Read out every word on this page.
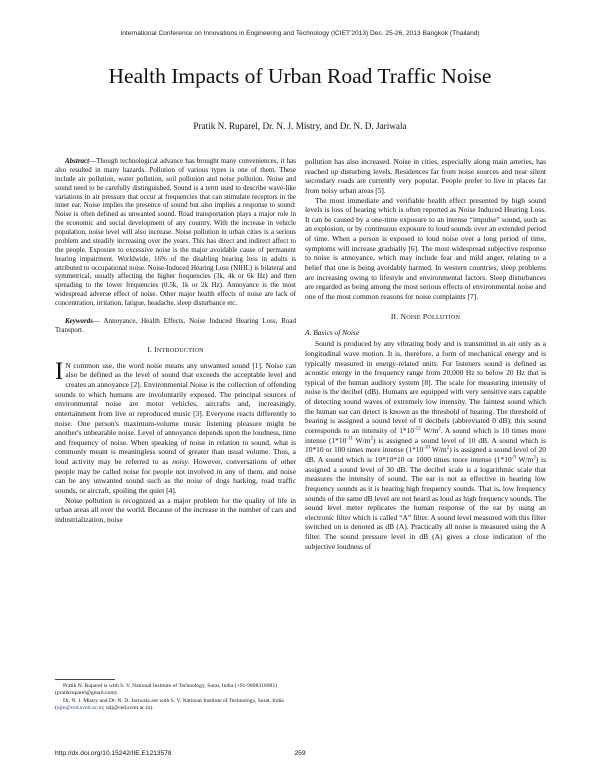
International Conference on Innovations in Engineering and Technology (ICIET'2013) Dec. 25-26, 2013 Bangkok (Thailand)
Health Impacts of Urban Road Traffic Noise
Pratik N. Ruparel, Dr. N. J. Mistry, and Dr. N. D. Jariwala

Abstract—Though technological advance has brought many conveniences, it has also resulted in many hazards. Pollution of various types is one of them. These include air pollution, water pollution, soil pollution and noise pollution. Noise and sound need to be carefully distinguished. Sound is a term used to describe wave-like variations in air pressure that occur at frequencies that can stimulate receptors in the inner ear. Noise implies the presence of sound but also implies a response to sound: Noise is often defined as unwanted sound. Road transportation plays a major role in the economic and social development of any country. With the increase in vehicle population, noise level will also increase. Noise pollution in urban cities is a serious problem and steadily increasing over the years. This has direct and indirect affect to the people. Exposure to excessive noise is the major avoidable cause of permanent hearing impairment. Worldwide, 16% of the disabling hearing loss in adults is attributed to occupational noise. Noise-Induced Hearing Loss (NIHL) is bilateral and symmetrical, usually affecting the higher frequencies (3k, 4k or 6k Hz) and then spreading to the lower frequencies (0.5k, 1k or 2k Hz). Annoyance is the most widespread adverse effect of noise. Other major health effects of noise are lack of concentration, irritation, fatigue, headache, sleep disturbance etc.

Keywords— Annoyance, Health Effects, Noise Induced Hearing Loss, Road Transport.

I. INTRODUCTION

I N common use, the word noise means any unwanted sound [1]. Noise can also be defined as the level of sound that exceeds the acceptable level and creates an annoyance [2]. Environmental Noise is the collection of offending sounds to which humans are involuntarily exposed. The principal sources of environmental noise are motor vehicles, aircrafts and, increasingly, entertainment from live or reproduced music [3]. Everyone reacts differently to noise. One person's maximum-volume music listening pleasure might be another's unbearable noise. Level of annoyance depends upon the loudness, time and frequency of noise. When speaking of noise in relation to sound, what is commonly meant is meaningless sound of greater than usual volume. Thus, a loud activity may be referred to as noisy. However, conversations of other people may be called noise for people not involved in any of them, and noise can be any unwanted sound such as the noise of dogs barking, road traffic sounds, or aircraft, spoiling the quiet [4].

Noise pollution is recognized as a major problem for the quality of life in urban areas all over the world. Because of the increase in the number of cars and industrialization, noise

Pratik N. Ruparel is with S. V. National Institute of Technology, Surat, India (+91-9898318981) (pratikruparel@gmail.com).

Dr. N. J. Mistry and Dr. N. D. Jariwala are with S. V. National Institute of Technology, Surat, India (njm@ced.svnit.ac.in; ndj@ced.svnit.ac.in).

pollution has also increased. Noise in cities, especially along main arteries, has reached up disturbing levels. Residences far from noise sources and near silent secondary roads are currently very popular. People prefer to live in places far from noisy urban areas [5].

The most immediate and verifiable health effect presented by high sound levels is loss of hearing which is often reported as Noise Induced Hearing Loss. It can be caused by a one-time exposure to an intense “impulse” sound, such as an explosion, or by continuous exposure to loud sounds over an extended period of time. When a person is exposed to loud noise over a long period of time, symptoms will increase gradually [6]. The most widespread subjective response to noise is annoyance, which may include fear and mild anger, relating to a belief that one is being avoidably harmed. In western countries, sleep problems are increasing owing to lifestyle and environmental factors. Sleep disturbances are regarded as being among the most serious effects of environmental noise and one of the most common reasons for noise complaints [7].

II. NOISE POLLUTION
A. Basics of Noise

Sound is produced by any vibrating body and is transmitted in air only as a longitudinal wave motion. It is, therefore, a form of mechanical energy and is typically measured in energy-related units. For listeners sound is defined as acoustic energy in the frequency range from 20,000 Hz to below 20 Hz that is typical of the human auditory system [8]. The scale for measuring intensity of noise is the decibel (dB). Humans are equipped with very sensitive ears capable of detecting sound waves of extremely low intensity. The faintest sound which the human ear can detect is known as the threshold of hearing. The threshold of hearing is assigned a sound level of 0 decibels (abbreviated 0 dB); this sound corresponds to an intensity of $1*10^{-12}$ $W/m^2$. A sound which is 10 times more intense ($1*10^{-11}$ $W/m^2$) is assigned a sound level of 10 dB. A sound which is 10*10 or 100 times more intense ($1*10^{-10}$ $W/m^2$) is assigned a sound level of 20 dB. A sound which is 10*10*10 or 1000 times more intense ($1*10^{-9}$ $W/m^2$) is assigned a sound level of 30 dB. The decibel scale is a logarithmic scale that measures the intensity of sound. The ear is not as effective in hearing low frequency sounds as it is hearing high frequency sounds. That is, low frequency sounds of the same dB level are not heard as loud as high frequency sounds. The sound level meter replicates the human response of the ear by using an electronic filter which is called “A” filter. A sound level measured with this filter switched on is denoted as dB (A). Practically all noise is measured using the A filter. The sound pressure level in dB (A) gives a close indication of the subjective loudness of

http://dx.doi.org/10.15242/IIE.E1213578	259
